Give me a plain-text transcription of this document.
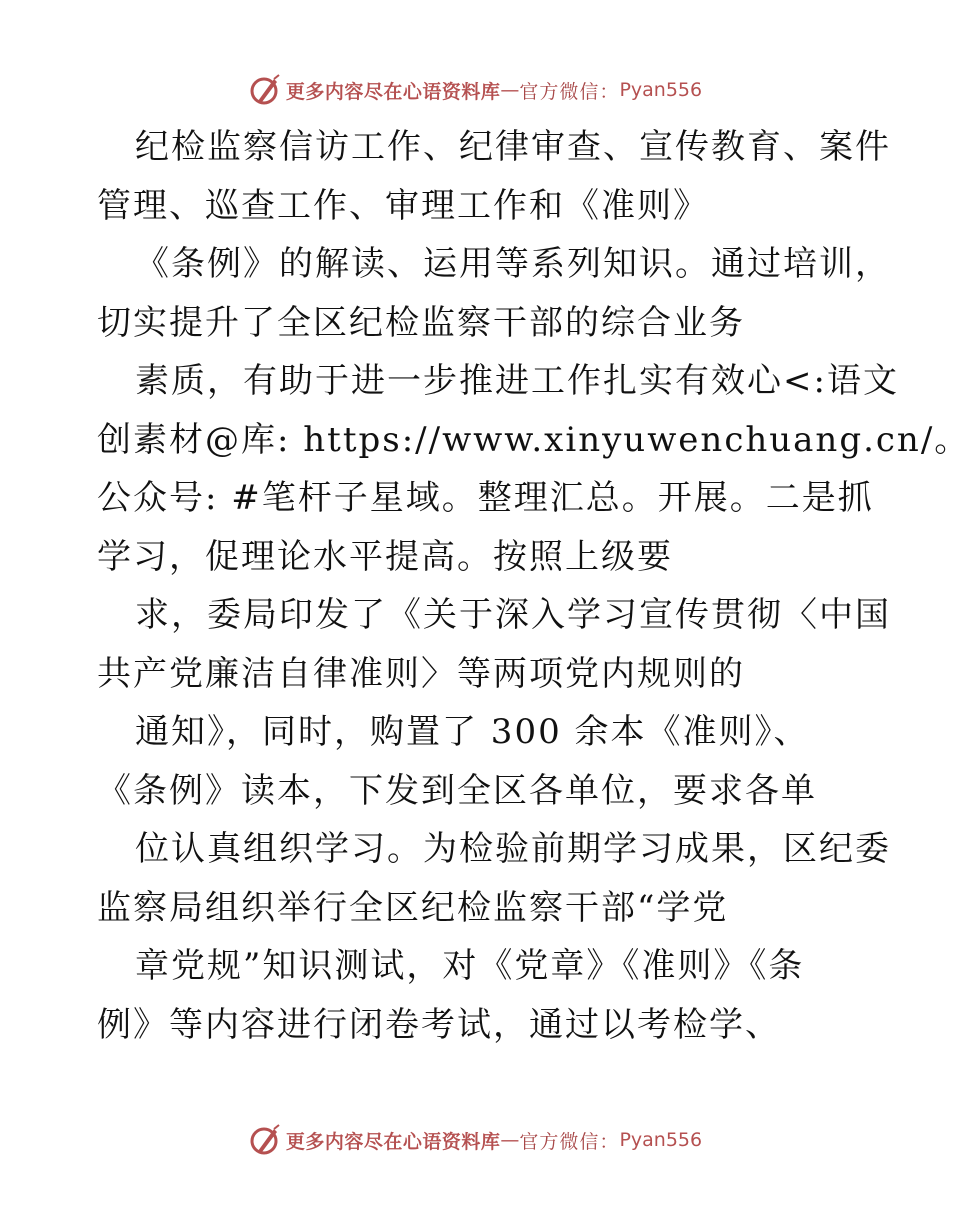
更多内容尽在心语资料库 — 官方微信： Pyan556
纪检监察信访工作、纪律审查、宣传教育、案件
管理、巡查工作、审理工作和《准则》
《条例》的解读、运用等系列知识。通过培训，
切实提升了全区纪检监察干部的综合业务
素质，有助于进一步推进工作扎实有效心<:语文
创素材@库: https://www.xinyuwenchuang.cn/。
公众号: #笔杆子星域。整理汇总。开展。二是抓
学习，促理论水平提高。按照上级要
求，委局印发了《关于深入学习宣传贯彻〈中国
共产党廉洁自律准则〉等两项党内规则的
通知》，同时，购置了 300 余本《准则》、
《条例》读本，下发到全区各单位，要求各单
位认真组织学习。为检验前期学习成果，区纪委
监察局组织举行全区纪检监察干部“学党
章党规”知识测试，对《党章》《准则》《条
例》等内容进行闭卷考试，通过以考检学、
更多内容尽在心语资料库 — 官方微信： Pyan556
